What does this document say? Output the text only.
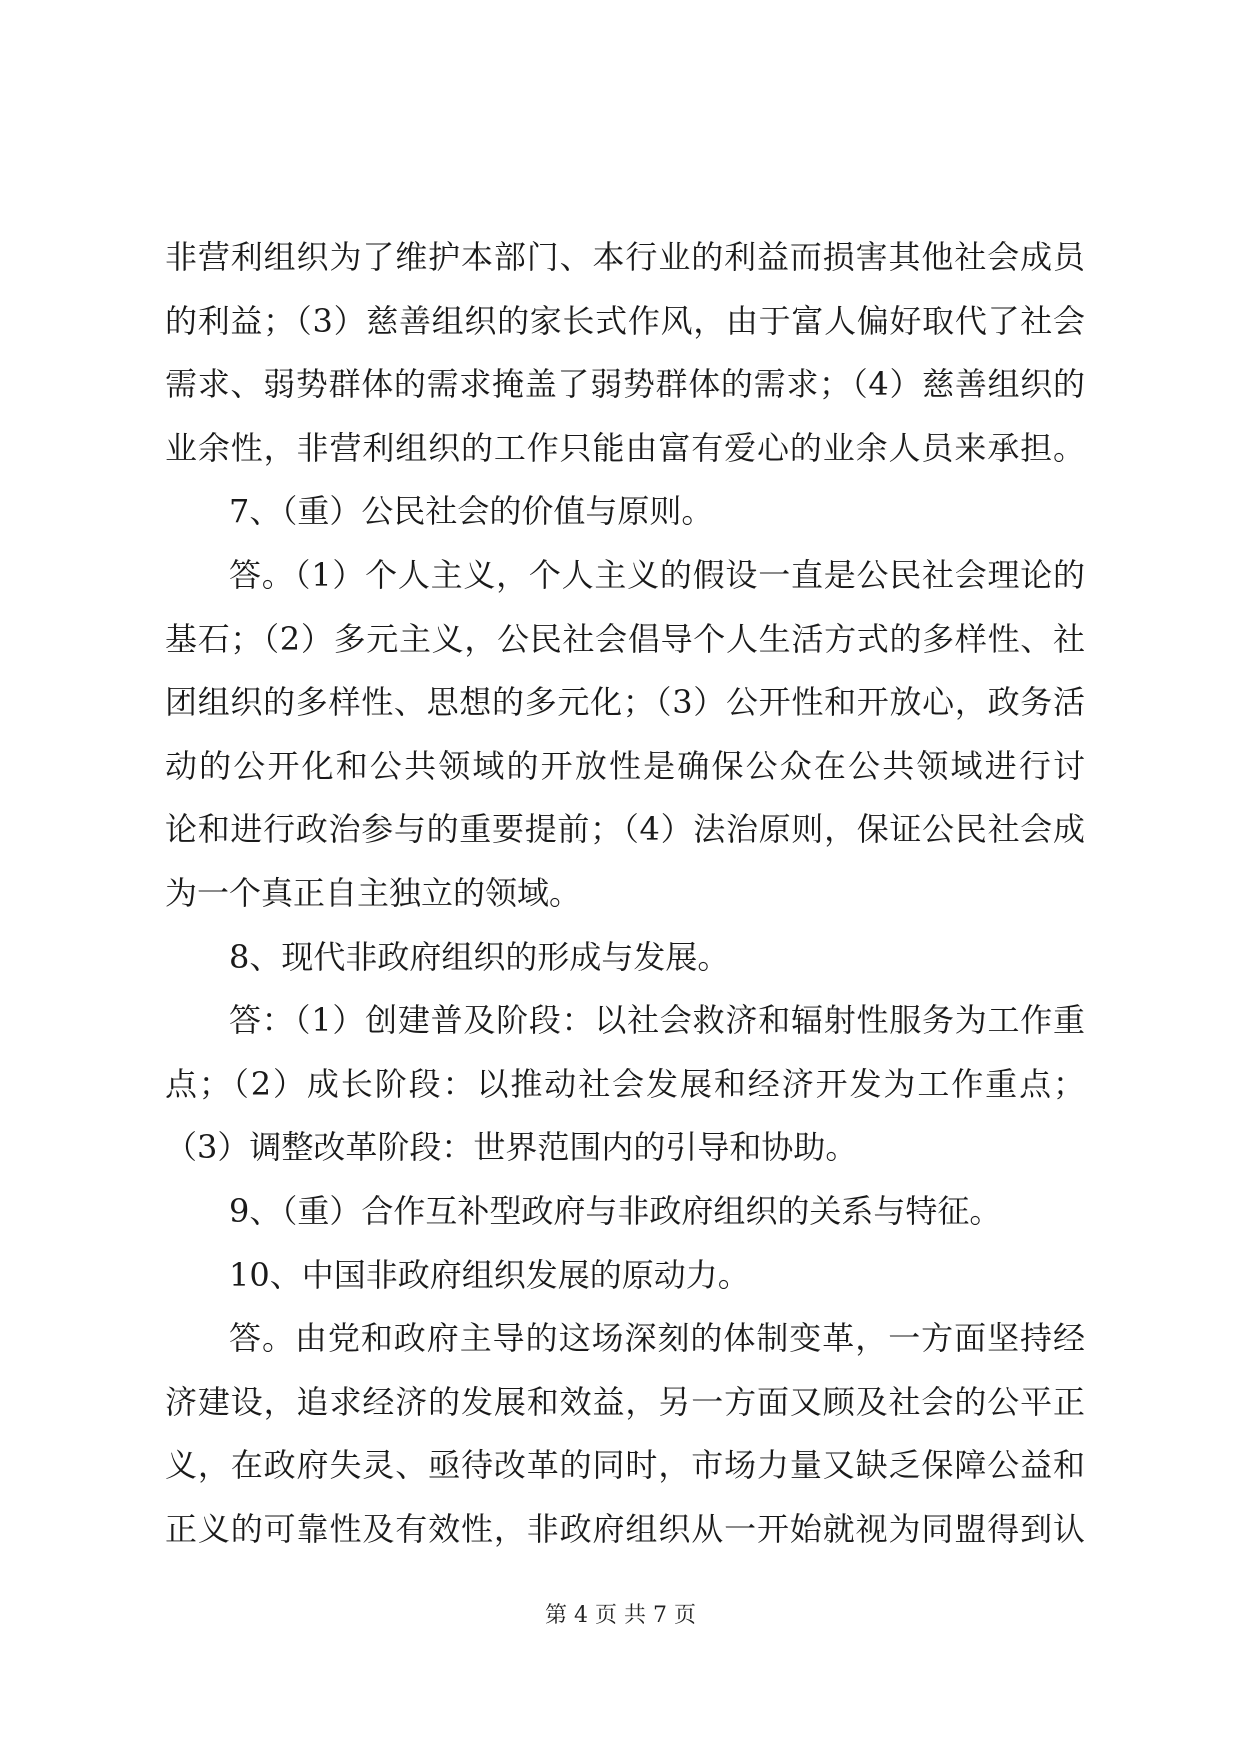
非营利组织为了维护本部门、本行业的利益而损害其他社会成员
的利益；（3）慈善组织的家长式作风，由于富人偏好取代了社会
需求、弱势群体的需求掩盖了弱势群体的需求；（4）慈善组织的
业余性，非营利组织的工作只能由富有爱心的业余人员来承担。
7、（重）公民社会的价值与原则。
答。（1）个人主义，个人主义的假设一直是公民社会理论的
基石；（2）多元主义，公民社会倡导个人生活方式的多样性、社
团组织的多样性、思想的多元化；（3）公开性和开放心，政务活
动的公开化和公共领域的开放性是确保公众在公共领域进行讨
论和进行政治参与的重要提前；（4）法治原则，保证公民社会成
为一个真正自主独立的领域。
8、现代非政府组织的形成与发展。
答：（1）创建普及阶段：以社会救济和辐射性服务为工作重
点；（2）成长阶段：以推动社会发展和经济开发为工作重点；
（3）调整改革阶段：世界范围内的引导和协助。
9、（重）合作互补型政府与非政府组织的关系与特征。
10、中国非政府组织发展的原动力。
答。由党和政府主导的这场深刻的体制变革，一方面坚持经
济建设，追求经济的发展和效益，另一方面又顾及社会的公平正
义，在政府失灵、亟待改革的同时，市场力量又缺乏保障公益和
正义的可靠性及有效性，非政府组织从一开始就视为同盟得到认
第 4 页 共 7 页
